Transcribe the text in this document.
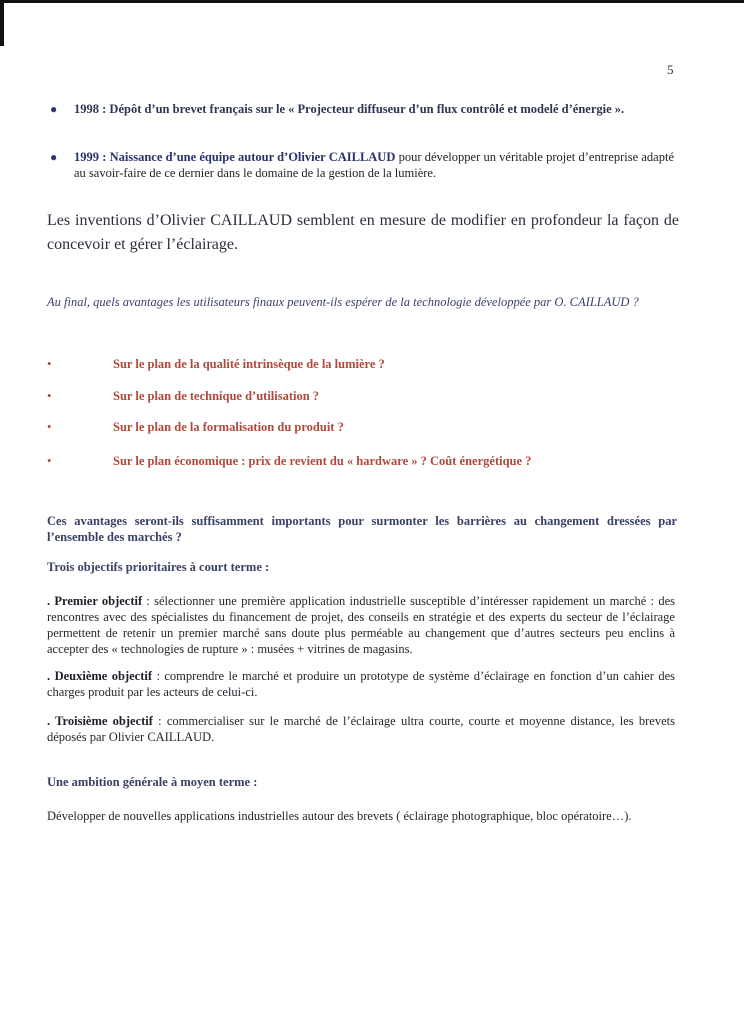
5
● 1998 : Dépôt d’un brevet français sur le « Projecteur diffuseur d’un flux contrôlé et modelé d’énergie ».
● 1999 : Naissance d’une équipe autour d’Olivier CAILLAUD pour développer un véritable projet d’entreprise adapté au savoir-faire de ce dernier dans le domaine de la gestion de la lumière.
Les inventions d’Olivier CAILLAUD semblent en mesure de modifier en profondeur la façon de concevoir et gérer l’éclairage.
Au final, quels avantages les utilisateurs finaux peuvent-ils espérer de la technologie développée par O. CAILLAUD ?
•	Sur le plan de la qualité intrinsèque de la lumière ?
•	Sur le plan de technique d’utilisation ?
•	Sur le plan de la formalisation du produit ?
•	Sur le plan économique : prix de revient du « hardware » ? Coût énergétique ?
Ces avantages seront-ils suffisamment importants pour surmonter les barrières au changement dressées par l’ensemble des marchés ?
Trois objectifs prioritaires à court terme :
. Premier objectif : sélectionner une première application industrielle susceptible d’intéresser rapidement un marché : des rencontres avec des spécialistes du financement de projet, des conseils en stratégie et des experts du secteur de l’éclairage permettent de retenir un premier marché sans doute plus perméable au changement que d’autres secteurs peu enclins à accepter des « technologies de rupture » : musées + vitrines de magasins.
. Deuxième objectif : comprendre le marché et produire un prototype de système d’éclairage en fonction d’un cahier des charges produit par les acteurs de celui-ci.
. Troisième objectif : commercialiser sur le marché de l’éclairage ultra courte, courte et moyenne distance, les brevets déposés par Olivier CAILLAUD.
Une ambition générale à moyen terme :
Développer de nouvelles applications industrielles autour des brevets ( éclairage photographique, bloc opératoire…).
